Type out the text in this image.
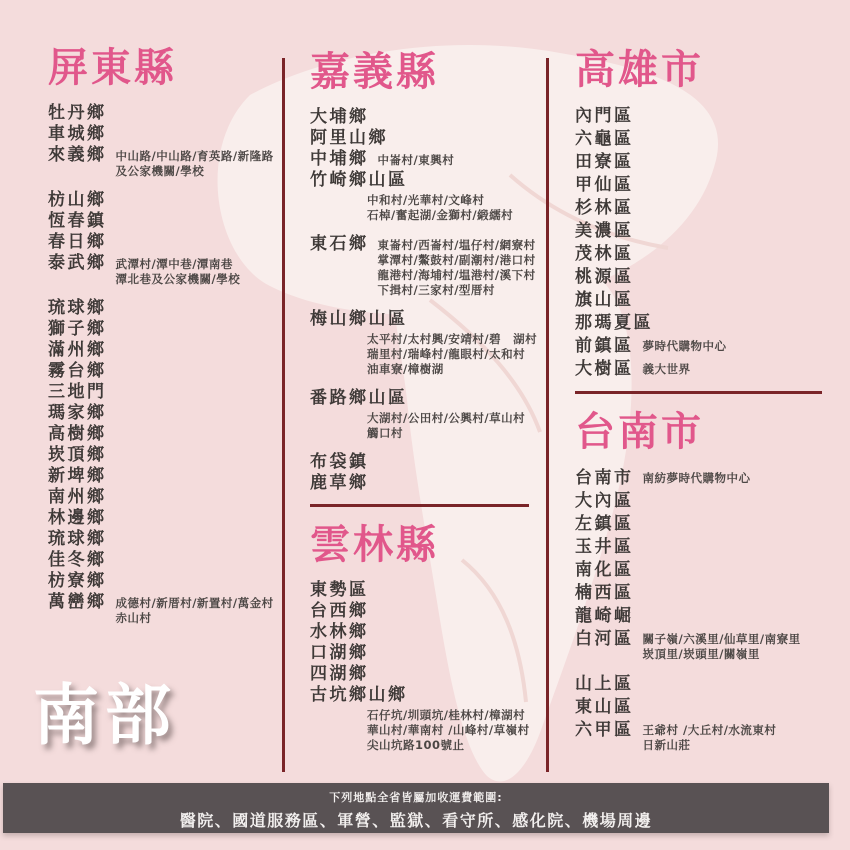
屏東縣
牡丹鄉
車城鄉
來義鄉 中山路/中山路/育英路/新隆路
及公家機關/學校
枋山鄉
恆春鎮
春日鄉
泰武鄉 武潭村/潭中巷/潭南巷
潭北巷及公家機關/學校
琉球鄉
獅子鄉
滿州鄉
霧台鄉
三地門
瑪家鄉
高樹鄉
崁頂鄉
新埤鄉
南州鄉
林邊鄉
琉球鄉
佳冬鄉
枋寮鄉
萬巒鄉 成德村/新厝村/新置村/萬金村
赤山村
嘉義縣
大埔鄉
阿里山鄉
中埔鄉 中崙村/東興村
竹崎鄉山區
中和村/光華村/文峰村
石棹/奮起湖/金獅村/緞繻村
東石鄉 東崙村/西崙村/塭仔村/網寮村
掌潭村/鰲鼓村/副潮村/港口村
龍港村/海埔村/塭港村/溪下村
下揖村/三家村/型厝村
梅山鄉山區
太平村/太村興/安靖村/碧　湖村
瑞里村/瑞峰村/龍眼村/太和村
油車寮/樟樹湖
番路鄉山區
大湖村/公田村/公興村/草山村
觸口村
布袋鎮
鹿草鄉
雲林縣
東勢區
台西鄉
水林鄉
口湖鄉
四湖鄉
古坑鄉山鄉
石仔坑/圳頭坑/桂林村/樟湖村
華山村/華南村 /山峰村/草嶺村
尖山坑路100號止
高雄市
內門區
六龜區
田寮區
甲仙區
杉林區
美濃區
茂林區
桃源區
旗山區
那瑪夏區
前鎮區 夢時代購物中心
大樹區 義大世界
台南市
台南市 南紡夢時代購物中心
大內區
左鎮區
玉井區
南化區
楠西區
龍崎崛
白河區 關子嶺/六溪里/仙草里/南寮里
崁頂里/崁頭里/關嶺里
山上區
東山區
六甲區 王爺村 /大丘村/水流東村
日新山莊
南部
下列地點全省皆屬加收運費範圍:
醫院、國道服務區、軍營、監獄、看守所、感化院、機場周邊
